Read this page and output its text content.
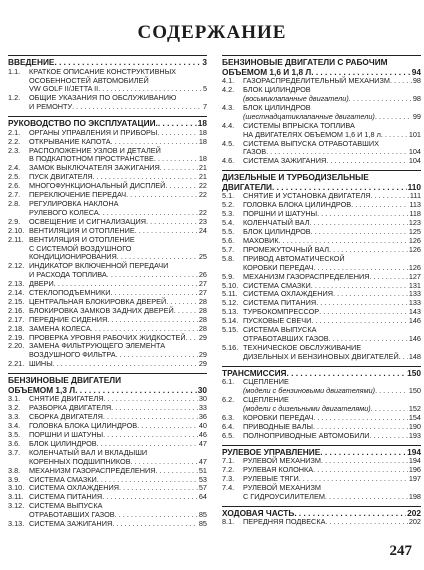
СОДЕРЖАНИЕ
ВВЕДЕНИЕ . . .	3
1.1.	КРАТКОЕ ОПИСАНИЕ КОНСТРУКТИВНЫХ
ОСОБЕННОСТЕЙ АВТОМОБИЛЕЙ
VW GOLF II/JETTA II . . .	5
1.2.	ОБЩИЕ УКАЗАНИЯ ПО ОБСЛУЖИВАНИЮ
И РЕМОНТУ . . .	7
РУКОВОДСТВО ПО ЭКСПЛУАТАЦИИ. . . .	18
2.1.	ОРГАНЫ УПРАВЛЕНИЯ И ПРИБОРЫ . . .	18
2.2.	ОТКРЫВАНИЕ КАПОТА . . .	18
2.3.	РАСПОЛОЖЕНИЕ УЗЛОВ И ДЕТАЛЕЙ
В ПОДКАПОТНОМ ПРОСТРАНСТВЕ . . .	18
2.4.	ЗАМОК ВЫКЛЮЧАТЕЛЯ ЗАЖИГАНИЯ . . .	21
2.5.	ПУСК ДВИГАТЕЛЯ . . .	21
2.6.	МНОГОФУНКЦИОНАЛЬНЫЙ ДИСПЛЕЙ . . .	22
2.7.	ПЕРЕКЛЮЧЕНИЕ ПЕРЕДАЧ . . .	22
2.8.	РЕГУЛИРОВКА НАКЛОНА
РУЛЕВОГО КОЛЕСА . . .	22
2.9.	ОСВЕЩЕНИЕ И СИГНАЛИЗАЦИЯ . . .	23
2.10. ВЕНТИЛЯЦИЯ И ОТОПЛЕНИЕ . . .	24
2.11. ВЕНТИЛЯЦИЯ И ОТОПЛЕНИЕ
С СИСТЕМОЙ ВОЗДУШНОГО
КОНДИЦИОНИРОВАНИЯ . . .	25
2.12. ИНДИКАТОР ВКЛЮЧЕННОЙ ПЕРЕДАЧИ
И РАСХОДА ТОПЛИВА . . .	26
2.13. ДВЕРИ . . .	27
2.14. СТЕКЛОПОДЪЕМНИКИ . . .	27
2.15. ЦЕНТРАЛЬНАЯ БЛОКИРОВКА ДВЕРЕЙ . . .	28
2.16. БЛОКИРОВКА ЗАМКОВ ЗАДНИХ ДВЕРЕЙ . . .	28
2.17. ПЕРЕДНИЕ СИДЕНИЯ . . .	28
2.18. ЗАМЕНА КОЛЕСА . . .	28
2.19. ПРОВЕРКА УРОВНЯ РАБОЧИХ ЖИДКОСТЕЙ . . . 29
2.20. ЗАМЕНА ФИЛЬТРУЮЩЕГО ЭЛЕМЕНТА
ВОЗДУШНОГО ФИЛЬТРА . . .	29
2.21. ШИНЫ . . .	29
БЕНЗИНОВЫЕ ДВИГАТЕЛИ
ОБЪЕМОМ 1,3 Л . . .	30
3.1.	СНЯТИЕ ДВИГАТЕЛЯ . . .	30
3.2.	РАЗБОРКА ДВИГАТЕЛЯ . . .	33
3.3.	СБОРКА ДВИГАТЕЛЯ . . .	36
3.4.	ГОЛОВКА БЛОКА ЦИЛИНДРОВ . . .	40
3.5.	ПОРШНИ И ШАТУНЫ . . .	46
3.6.	БЛОК ЦИЛИНДРОВ . . .	47
3.7.	КОЛЕНЧАТЫЙ ВАЛ И ВКЛАДЫШИ
КОРЕННЫХ ПОДШИПНИКОВ . . .	47
3.8.	МЕХАНИЗМ ГАЗОРАСПРЕДЕЛЕНИЯ . . .	51
3.9.	СИСТЕМА СМАЗКИ . . .	53
3.10. СИСТЕМА ОХЛАЖДЕНИЯ . . .	57
3.11. СИСТЕМА ПИТАНИЯ . . .	64
3.12. СИСТЕМА ВЫПУСКА
ОТРАБОТАВШИХ ГАЗОВ . . .	85
3.13. СИСТЕМА ЗАЖИГАНИЯ . . .	85
БЕНЗИНОВЫЕ ДВИГАТЕЛИ С РАБОЧИМ
ОБЪЕМОМ 1,6 И 1,8 Л . . .	94
4.1.	ГАЗОРАСПРЕДЕЛИТЕЛЬНЫЙ МЕХАНИЗМ . . .	98
4.2.	БЛОК ЦИЛИНДРОВ
(восьмиклапанные двигатели) . . .	98
4.3.	БЛОК ЦИЛИНДРОВ
(шестнадцатиклапанные двигатели) . . .	99
4.4.	СИСТЕМЫ ВПРЫСКА ТОПЛИВА
НА ДВИГАТЕЛЯХ ОБЪЕМОМ 1,6 И 1,8 л . . .	101
4.5.	СИСТЕМА ВЫПУСКА ОТРАБОТАВШИХ
ГАЗОВ . . .	104
4.6.	СИСТЕМА ЗАЖИГАНИЯ . . .	104
ДИЗЕЛЬНЫЕ И ТУРБОДИЗЕЛЬНЫЕ
ДВИГАТЕЛИ . . .	110
5.1.	СНЯТИЕ И УСТАНОВКА ДВИГАТЕЛЯ . . .	111
5.2.	ГОЛОВКА БЛОКА ЦИЛИНДРОВ . . .	113
5.3.	ПОРШНИ И ШАТУНЫ . . .	118
5.4.	КОЛЕНЧАТЫЙ ВАЛ . . .	123
5.5.	БЛОК ЦИЛИНДРОВ . . .	125
5.6.	МАХОВИК . . .	126
5.7.	ПРОМЕЖУТОЧНЫЙ ВАЛ . . .	126
5.8.	ПРИВОД АВТОМАТИЧЕСКОЙ
КОРОБКИ ПЕРЕДАЧ . . .	126
5.9.	МЕХАНИЗМ ГАЗОРАСПРЕДЕЛЕНИЯ . . .	127
5.10. СИСТЕМА СМАЗКИ . . .	131
5.11. СИСТЕМА ОХЛАЖДЕНИЯ . . .	133
5.12. СИСТЕМА ПИТАНИЯ . . .	133
5.13. ТУРБОКОМПРЕССОР . . .	143
5.14. ПУСКОВЫЕ СВЕЧИ . . .	146
5.15. СИСТЕМА ВЫПУСКА
ОТРАБОТАВШИХ ГАЗОВ . . .	146
5.16. ТЕХНИЧЕСКОЕ ОБСЛУЖИВАНИЕ
ДИЗЕЛЬНЫХ И БЕНЗИНОВЫХ ДВИГАТЕЛЕЙ . . . 148
ТРАНСМИССИЯ . . .	150
6.1.	СЦЕПЛЕНИЕ
(модели с бензиновыми двигателями) . . .	150
6.2.	СЦЕПЛЕНИЕ
(модели с дизельными двигателями) . . .	152
6.3.	КОРОБКИ ПЕРЕДАЧ . . .	154
6.4.	ПРИВОДНЫЕ ВАЛЫ . . .	190
6.5.	ПОЛНОПРИВОДНЫЕ АВТОМОБИЛИ . . .	193
РУЛЕВОЕ УПРАВЛЕНИЕ . . .	194
7.1.	РУЛЕВОЙ МЕХАНИЗМ . . .	194
7.2.	РУЛЕВАЯ КОЛОНКА . . .	196
7.3.	РУЛЕВЫЕ ТЯГИ . . .	197
7.4.	РУЛЕВОЙ МЕХАНИЗМ
С ГИДРОУСИЛИТЕЛЕМ . . .	198
ХОДОВАЯ ЧАСТЬ . . .	202
8.1.	ПЕРЕДНЯЯ ПОДВЕСКА . . .	202
247
